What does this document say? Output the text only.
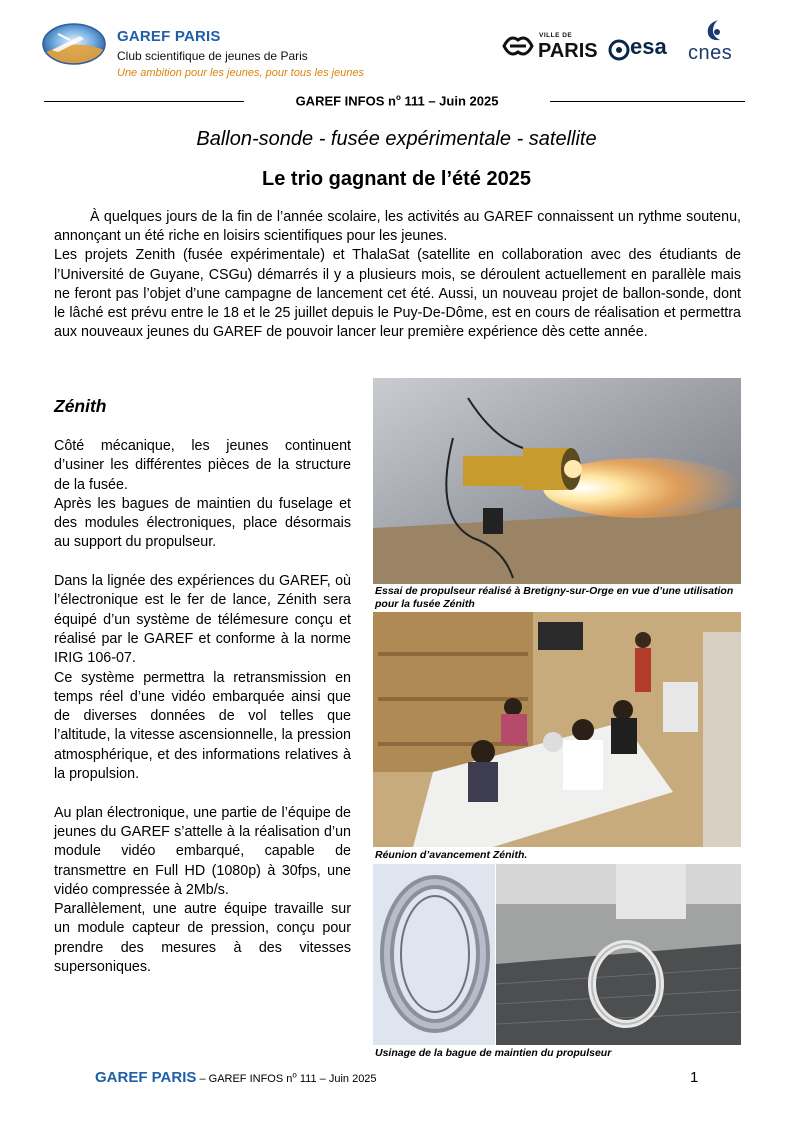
GAREF PARIS
Club scientifique de jeunes de Paris
Une ambition pour les jeunes, pour tous les jeunes
VILLE DE
PARIS esa cnes
GAREF INFOS $n^o$ 111 – Juin 2025
Ballon-sonde - fusée expérimentale - satellite
Le trio gagnant de l’été 2025

À quelques jours de la fin de l’année scolaire, les activités au GAREF connaissent un rythme soutenu, annonçant un été riche en loisirs scientifiques pour les jeunes.

Les projets Zenith (fusée expérimentale) et ThalaSat (satellite en collaboration avec des étudiants de l’Université de Guyane, CSGu) démarrés il y a plusieurs mois, se déroulent actuellement en parallèle mais ne feront pas l’objet d’une campagne de lancement cet été. Aussi, un nouveau projet de ballon-sonde, dont le lâché est prévu entre le 18 et le 25 juillet depuis le Puy-De-Dôme, est en cours de réalisation et permettra aux nouveaux jeunes du GAREF de pouvoir lancer leur première expérience dès cette année.

Zénith

Côté mécanique, les jeunes continuent d’usiner les différentes pièces de la structure de la fusée.

Après les bagues de maintien du fuselage et des modules électroniques, place désormais au support du propulseur.

Dans la lignée des expériences du GAREF, où l’électronique est le fer de lance, Zénith sera équipé d’un système de télémesure conçu et réalisé par le GAREF et conforme à la norme IRIG 106-07.

Ce système permettra la retransmission en temps réel d’une vidéo embarquée ainsi que de diverses données de vol telles que l’altitude, la vitesse ascensionnelle, la pression atmosphérique, et des informations relatives à la propulsion.

Au plan électronique, une partie de l’équipe de jeunes du GAREF s’attelle à la réalisation d’un module vidéo embarqué, capable de transmettre en Full HD (1080p) à 30fps, une vidéo compressée à 2Mb/s.

Parallèlement, une autre équipe travaille sur un module capteur de pression, conçu pour prendre des mesures à des vitesses supersoniques.

Essai de propulseur réalisé à Bretigny-sur-Orge en vue d’une utilisation pour la fusée Zénith
Réunion d’avancement Zénith.
Usinage de la bague de maintien du propulseur
GAREF PARIS – GAREF INFOS $n^o$ 111 – Juin 2025	1
